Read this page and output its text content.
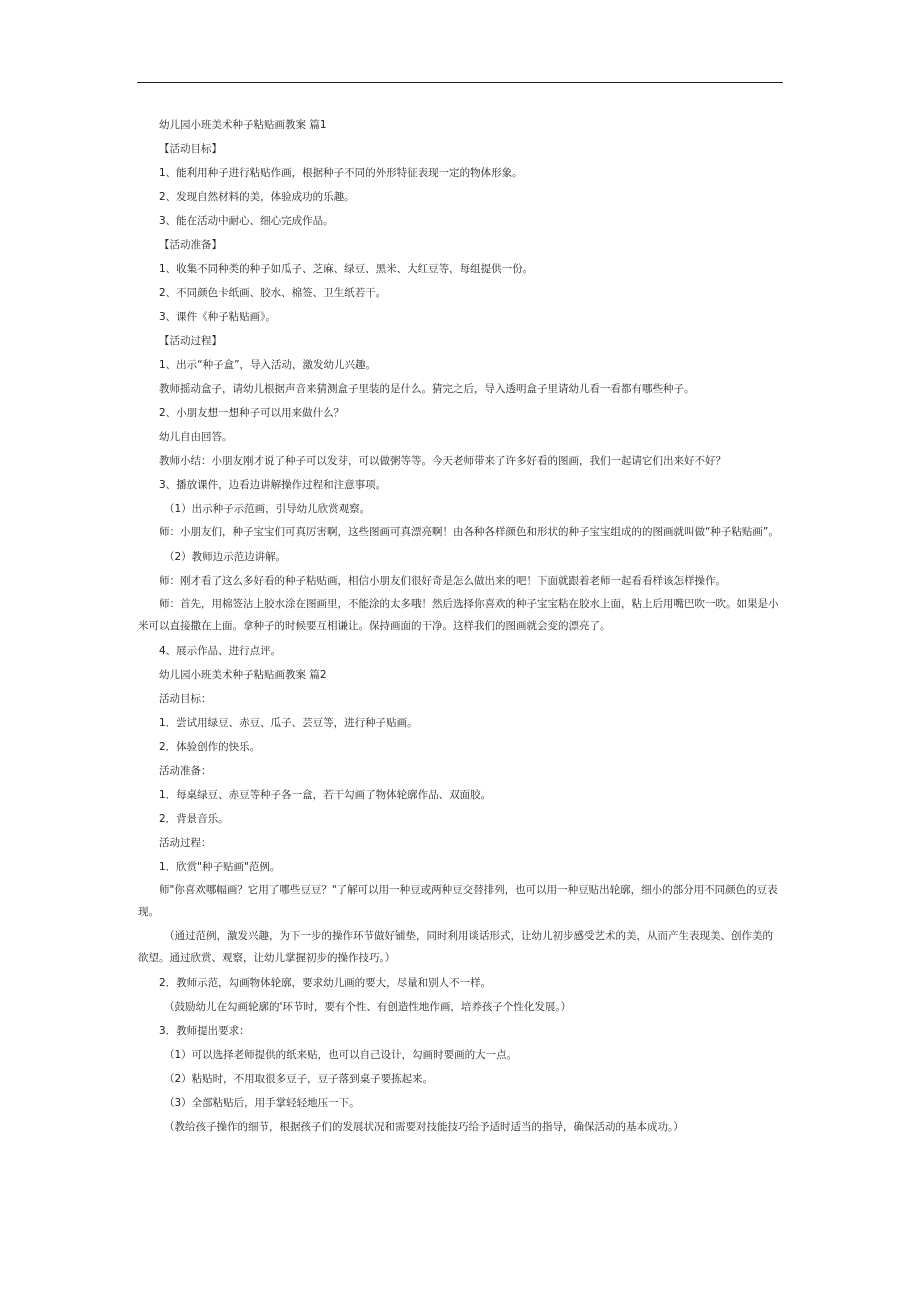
幼儿园小班美术种子粘贴画教案 篇1

【活动目标】

1、能利用种子进行粘贴作画，根据种子不同的外形特征表现一定的物体形象。

2、发现自然材料的美，体验成功的乐趣。

3、能在活动中耐心、细心完成作品。

【活动准备】

1、收集不同种类的种子如瓜子、芝麻、绿豆、黑米、大红豆等，每组提供一份。

2、不同颜色卡纸画、胶水、棉签、卫生纸若干。

3、课件《种子粘贴画》。

【活动过程】

1、出示“种子盒”，导入活动，激发幼儿兴趣。

教师摇动盒子，请幼儿根据声音来猜测盒子里装的是什么。猜完之后，导入透明盒子里请幼儿看一看都有哪些种子。

2、小朋友想一想种子可以用来做什么？

幼儿自由回答。

教师小结：小朋友刚才说了种子可以发芽，可以做粥等等。今天老师带来了许多好看的图画，我们一起请它们出来好不好？

3、播放课件，边看边讲解操作过程和注意事项。

（1）出示种子示范画，引导幼儿欣赏观察。

师：小朋友们，种子宝宝们可真厉害啊，这些图画可真漂亮啊！由各种各样颜色和形状的种子宝宝组成的的图画就叫做“种子粘贴画”。

（2）教师边示范边讲解。

师：刚才看了这么多好看的种子粘贴画，相信小朋友们很好奇是怎么做出来的吧！下面就跟着老师一起看看样该怎样操作。

师：首先，用棉签沾上胶水涂在图画里，不能涂的太多哦！然后选择你喜欢的种子宝宝粘在胶水上面，粘上后用嘴巴吹一吹。如果是小米可以直接撒在上面。拿种子的时候要互相谦让。保持画面的干净。这样我们的图画就会变的漂亮了。

4、展示作品、进行点评。

幼儿园小班美术种子粘贴画教案 篇2

活动目标：

1．尝试用绿豆、赤豆、瓜子、芸豆等，进行种子贴画。

2．体验创作的快乐。

活动准备：

1．每桌绿豆、赤豆等种子各一盒，若干勾画了物体轮廓作品、双面胶。

2．背景音乐。

活动过程：

1．欣赏"种子贴画"范例。

师"你喜欢哪幅画？它用了哪些豆豆？"了解可以用一种豆或两种豆交替排列，也可以用一种豆贴出轮廓，细小的部分用不同颜色的豆表现。

（通过范例，激发兴趣，为下一步的操作环节做好铺垫，同时利用谈话形式，让幼儿初步感受艺术的美，从而产生表现美、创作美的欲望。通过欣赏、观察，让幼儿掌握初步的操作技巧。）

2．教师示范，勾画物体轮廓，要求幼儿画的要大，尽量和别人不一样。

（鼓励幼儿在勾画轮廓的'环节时，要有个性、有创造性地作画，培养孩子个性化发展。）

3．教师提出要求：

（1）可以选择老师提供的纸来贴，也可以自己设计，勾画时要画的大一点。

（2）粘贴时，不用取很多豆子，豆子落到桌子要拣起来。

（3）全部粘贴后，用手掌轻轻地压一下。

（教给孩子操作的细节，根据孩子们的发展状况和需要对技能技巧给予适时适当的指导，确保活动的基本成功。）
